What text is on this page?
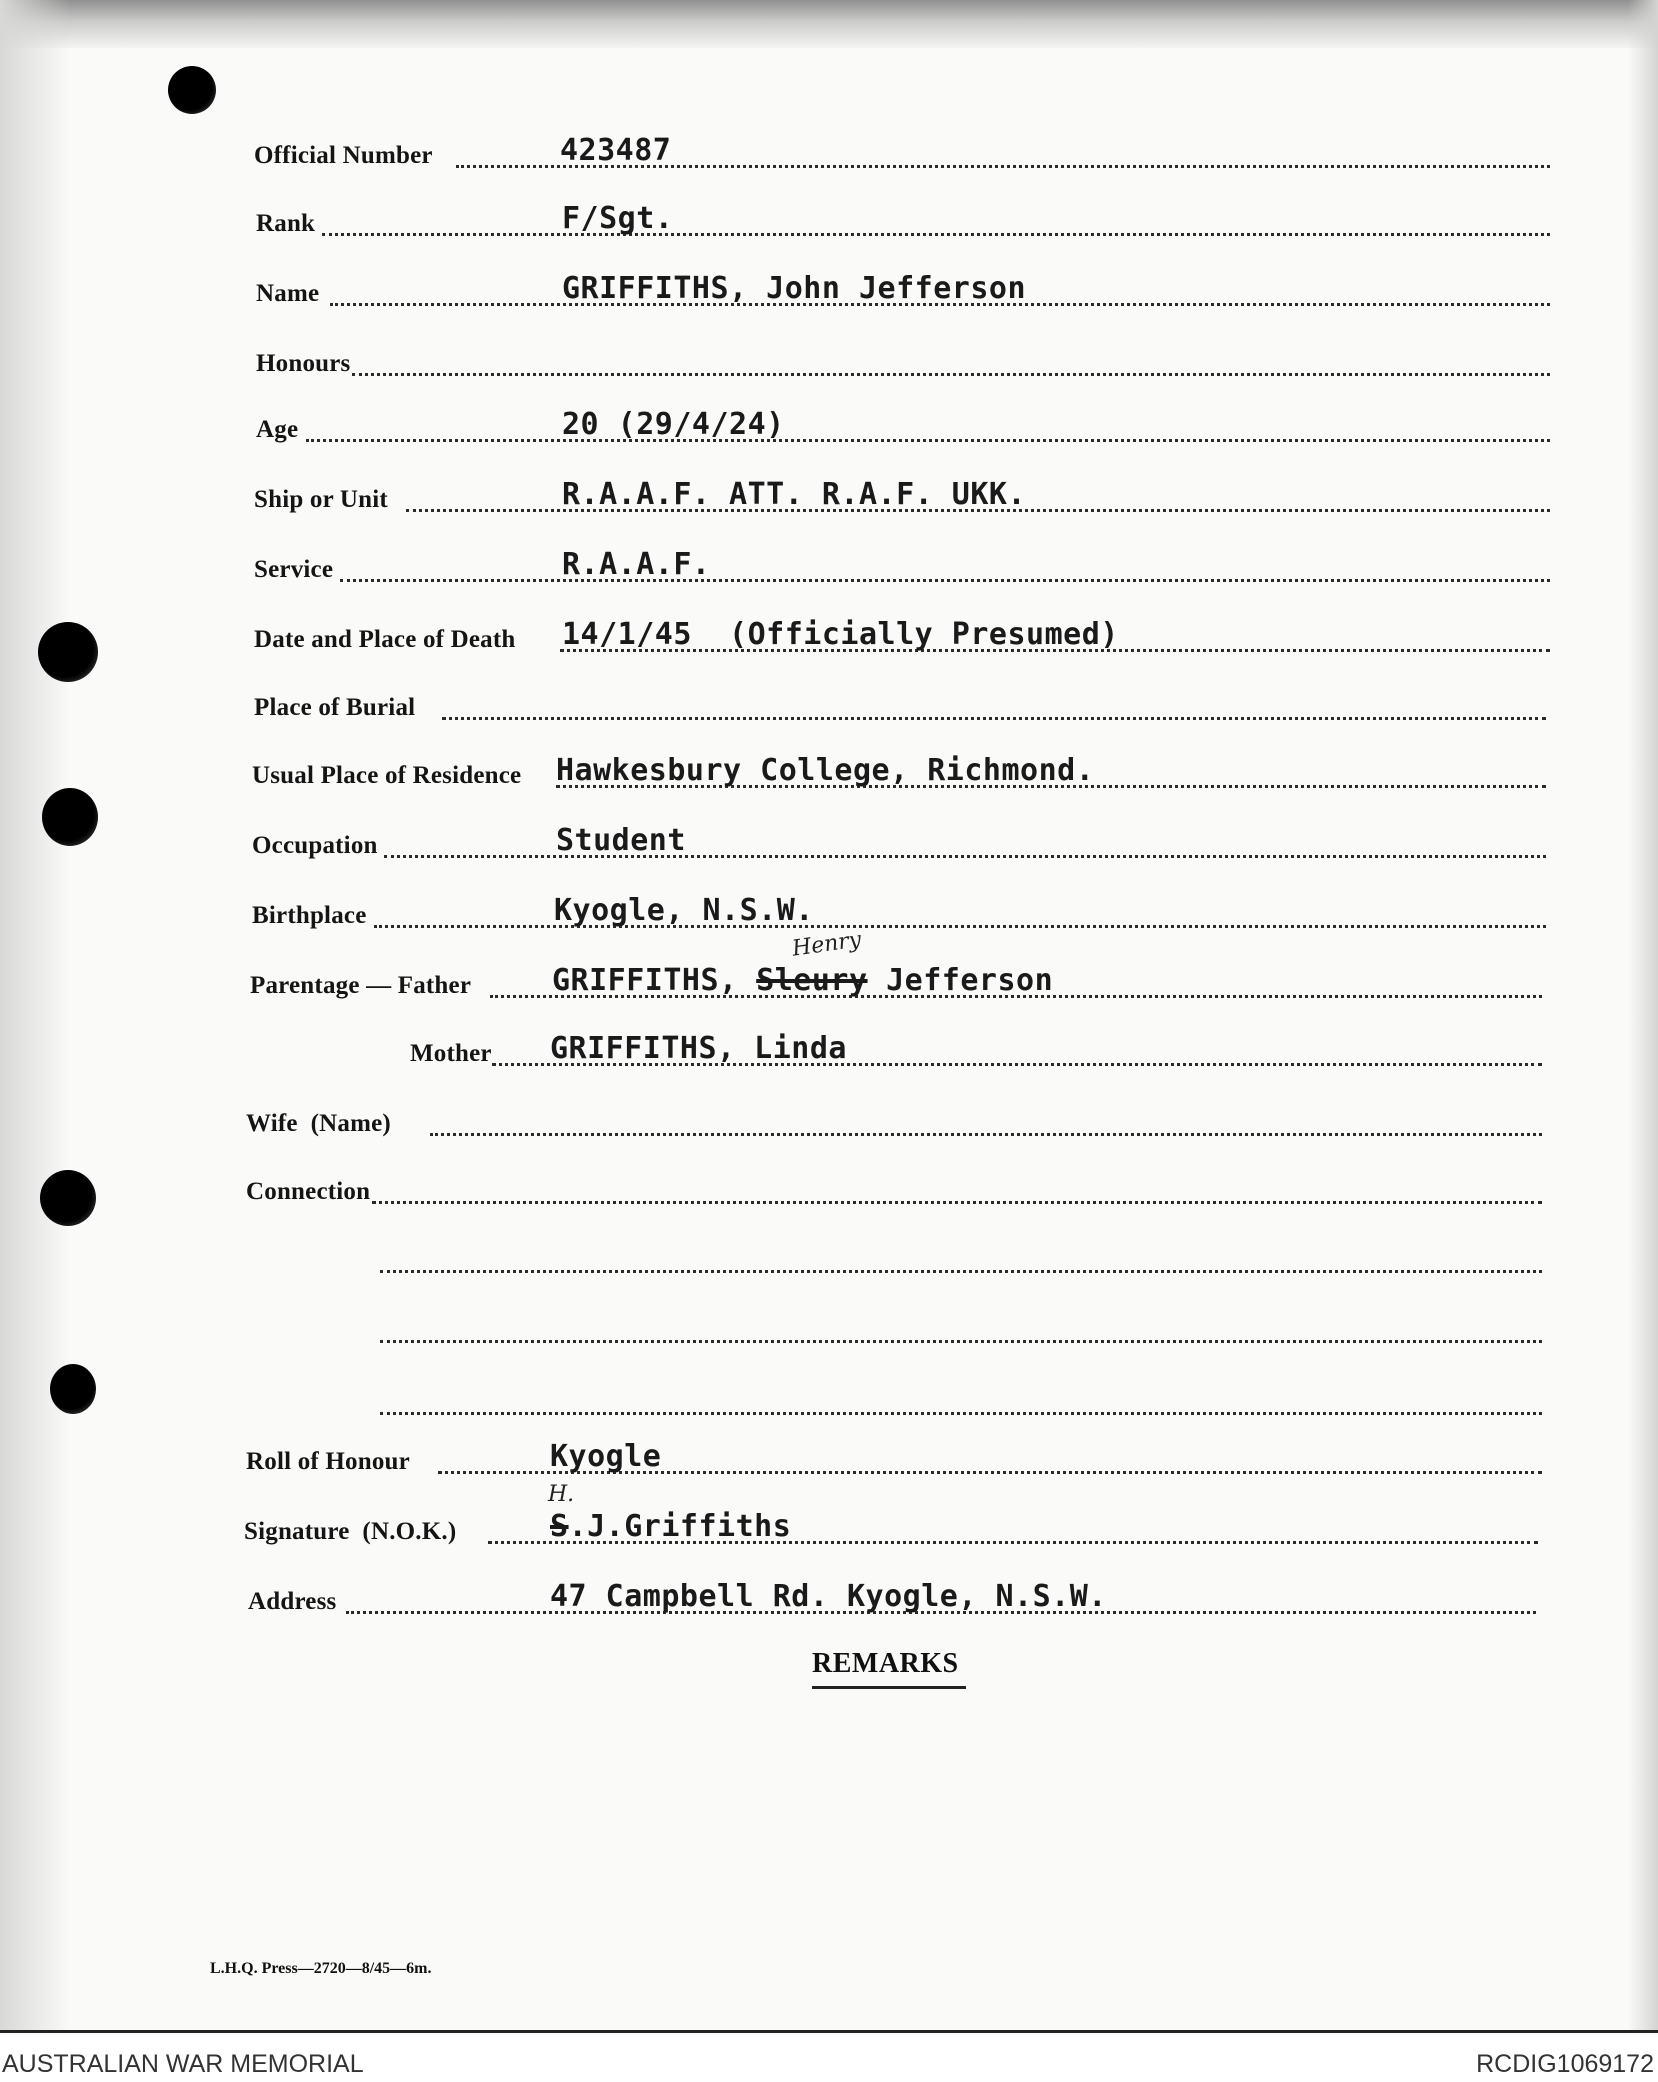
Official Number	423487
Rank	F/Sgt.
Name	GRIFFITHS, John Jefferson
Honours
Age	20 (29/4/24)
Ship or Unit	R.A.A.F. ATT. R.A.F. UKK.
Service	R.A.A.F.
Date and Place of Death 14/1/45  (Officially Presumed)
Place of Burial
Usual Place of Residence Hawkesbury College, Richmond.
Occupation	Student
Birthplace	Kyogle, N.S.W.
Parentage — Father	GRIFFITHS, Sleury Jefferson
Henry
Mother GRIFFITHS, Linda
Wife  (Name)
Connection
Roll of Honour	Kyogle
Signature  (N.O.K.)	S.J.Griffiths
H.
Address	47 Campbell Rd. Kyogle, N.S.W.
REMARKS
L.H.Q. Press—2720—8/45—6m.
AUSTRALIAN WAR MEMORIAL	RCDIG1069172
